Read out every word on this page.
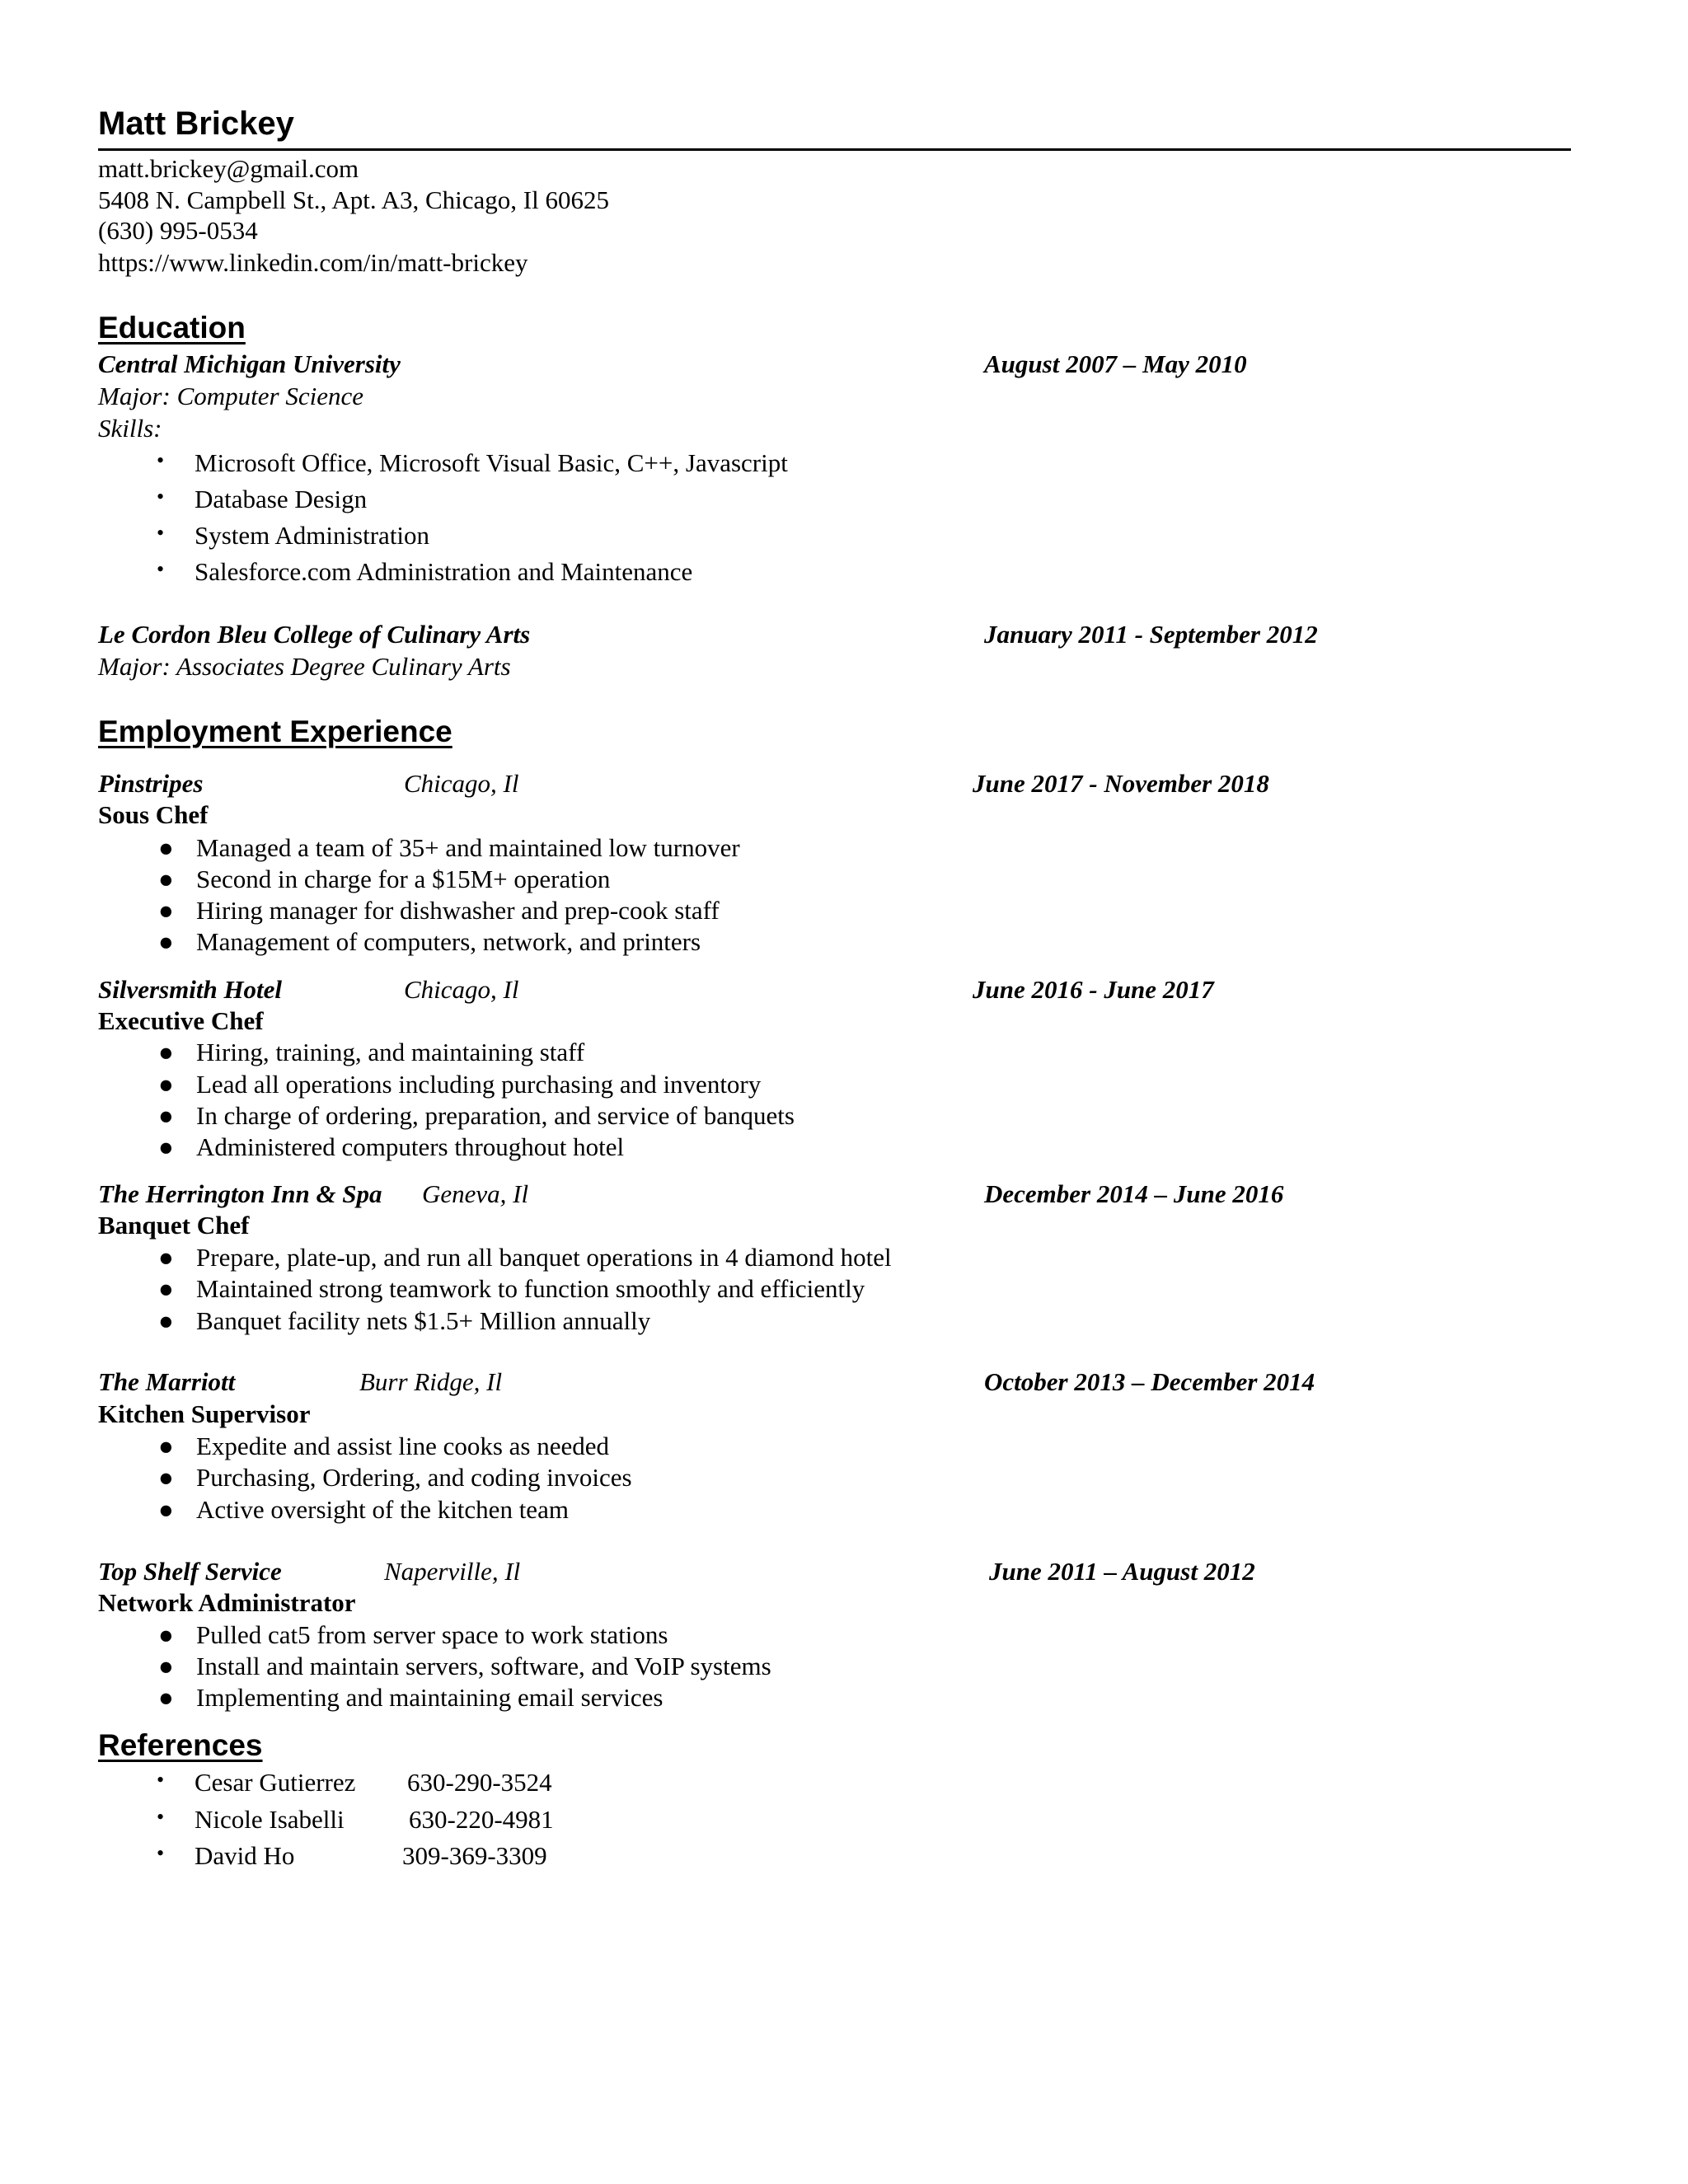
Matt Brickey
matt.brickey@gmail.com
5408 N. Campbell St., Apt. A3, Chicago, Il 60625
(630) 995-0534
https://www.linkedin.com/in/matt-brickey
Education
Central Michigan University	August 2007 – May 2010
Major: Computer Science
Skills:
• Microsoft Office, Microsoft Visual Basic, C++, Javascript
• Database Design
• System Administration
• Salesforce.com Administration and Maintenance
Le Cordon Bleu College of Culinary Arts	January 2011 - September 2012
Major: Associates Degree Culinary Arts
Employment Experience
Pinstripes	Chicago, Il	June 2017 - November 2018
Sous Chef
● Managed a team of 35+ and maintained low turnover
● Second in charge for a $15M+ operation
● Hiring manager for dishwasher and prep-cook staff
● Management of computers, network, and printers
Silversmith Hotel	Chicago, Il	June 2016 - June 2017
Executive Chef
● Hiring, training, and maintaining staff
● Lead all operations including purchasing and inventory
● In charge of ordering, preparation, and service of banquets
● Administered computers throughout hotel
The Herrington Inn & Spa Geneva, Il	December 2014 – June 2016
Banquet Chef
● Prepare, plate-up, and run all banquet operations in 4 diamond hotel
● Maintained strong teamwork to function smoothly and efficiently
● Banquet facility nets $1.5+ Million annually
The Marriott	Burr Ridge, Il	October 2013 – December 2014
Kitchen Supervisor
● Expedite and assist line cooks as needed
● Purchasing, Ordering, and coding invoices
● Active oversight of the kitchen team
Top Shelf Service	Naperville, Il	June 2011 – August 2012
Network Administrator
● Pulled cat5 from server space to work stations
● Install and maintain servers, software, and VoIP systems
● Implementing and maintaining email services
References
• Cesar Gutierrez 630-290-3524
• Nicole Isabelli	630-220-4981
• David Ho	309-369-3309
